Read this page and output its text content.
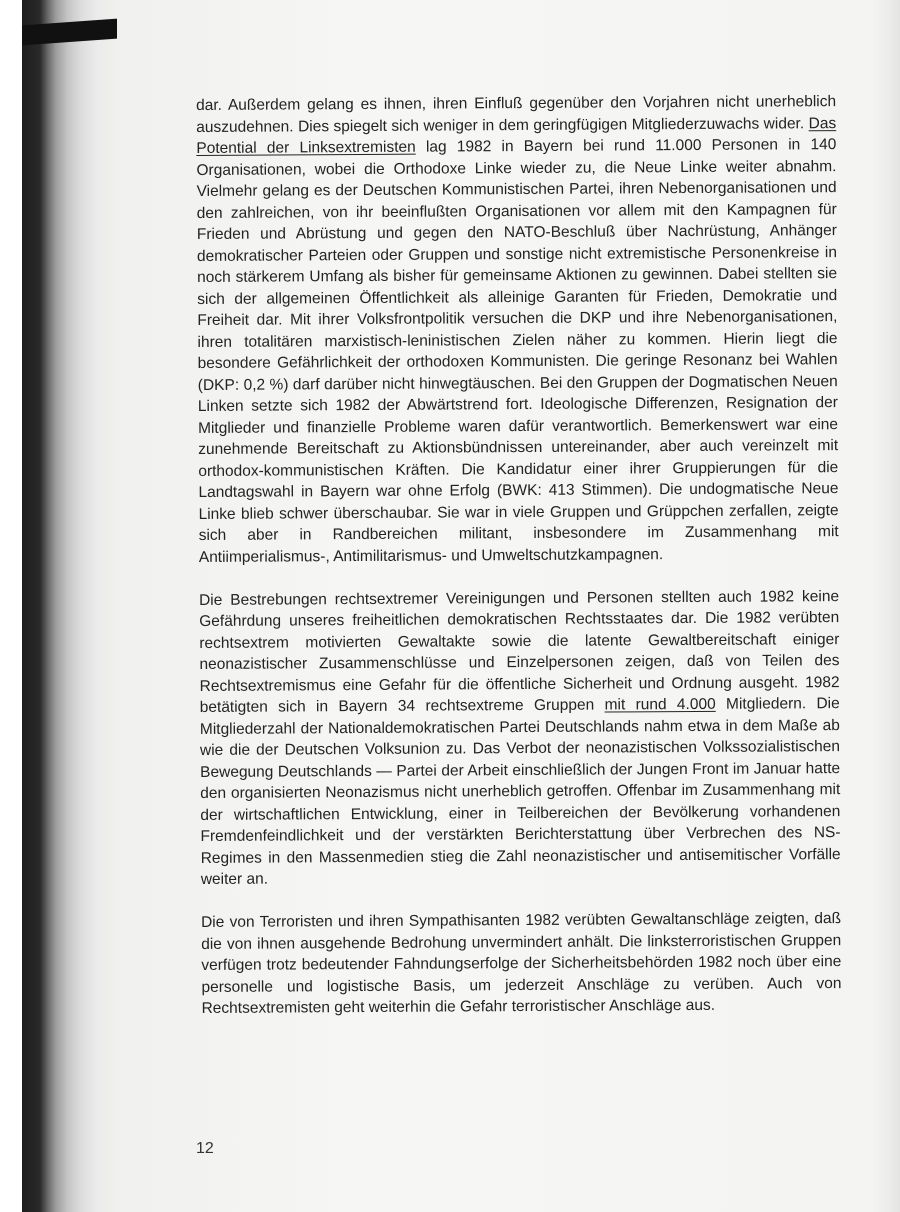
dar. Außerdem gelang es ihnen, ihren Einfluß gegenüber den Vorjahren nicht unerheblich auszudehnen. Dies spiegelt sich weniger in dem geringfügigen Mitgliederzuwachs wider. Das Potential der Linksextremisten lag 1982 in Bayern bei rund 11.000 Personen in 140 Organisationen, wobei die Orthodoxe Linke wieder zu, die Neue Linke weiter abnahm. Vielmehr gelang es der Deutschen Kommunistischen Partei, ihren Nebenorganisationen und den zahlreichen, von ihr beeinflußten Organisationen vor allem mit den Kampagnen für Frieden und Abrüstung und gegen den NATO-Beschluß über Nachrüstung, Anhänger demokratischer Parteien oder Gruppen und sonstige nicht extremistische Personenkreise in noch stärkerem Umfang als bisher für gemeinsame Aktionen zu gewinnen. Dabei stellten sie sich der allgemeinen Öffentlichkeit als alleinige Garanten für Frieden, Demokratie und Freiheit dar. Mit ihrer Volksfrontpolitik versuchen die DKP und ihre Nebenorganisationen, ihren totalitären marxistisch-leninistischen Zielen näher zu kommen. Hierin liegt die besondere Gefährlichkeit der orthodoxen Kommunisten. Die geringe Resonanz bei Wahlen (DKP: 0,2 %) darf darüber nicht hinwegtäuschen. Bei den Gruppen der Dogmatischen Neuen Linken setzte sich 1982 der Abwärtstrend fort. Ideologische Differenzen, Resignation der Mitglieder und finanzielle Probleme waren dafür verantwortlich. Bemerkenswert war eine zunehmende Bereitschaft zu Aktionsbündnissen untereinander, aber auch vereinzelt mit orthodox-kommunistischen Kräften. Die Kandidatur einer ihrer Gruppierungen für die Landtagswahl in Bayern war ohne Erfolg (BWK: 413 Stimmen). Die undogmatische Neue Linke blieb schwer überschaubar. Sie war in viele Gruppen und Grüppchen zerfallen, zeigte sich aber in Randbereichen militant, insbesondere im Zusammenhang mit Antiimperialismus-, Antimilitarismus- und Umweltschutzkampagnen.

Die Bestrebungen rechtsextremer Vereinigungen und Personen stellten auch 1982 keine Gefährdung unseres freiheitlichen demokratischen Rechtsstaates dar. Die 1982 verübten rechtsextrem motivierten Gewaltakte sowie die latente Gewaltbereitschaft einiger neonazistischer Zusammenschlüsse und Einzelpersonen zeigen, daß von Teilen des Rechtsextremismus eine Gefahr für die öffentliche Sicherheit und Ordnung ausgeht. 1982 betätigten sich in Bayern 34 rechtsextreme Gruppen mit rund 4.000 Mitgliedern. Die Mitgliederzahl der Nationaldemokratischen Partei Deutschlands nahm etwa in dem Maße ab wie die der Deutschen Volksunion zu. Das Verbot der neonazistischen Volkssozialistischen Bewegung Deutschlands — Partei der Arbeit einschließlich der Jungen Front im Januar hatte den organisierten Neonazismus nicht unerheblich getroffen. Offenbar im Zusammenhang mit der wirtschaftlichen Entwicklung, einer in Teilbereichen der Bevölkerung vorhandenen Fremdenfeindlichkeit und der verstärkten Berichterstattung über Verbrechen des NS-Regimes in den Massenmedien stieg die Zahl neonazistischer und antisemitischer Vorfälle weiter an.

Die von Terroristen und ihren Sympathisanten 1982 verübten Gewaltanschläge zeigten, daß die von ihnen ausgehende Bedrohung unvermindert anhält. Die linksterroristischen Gruppen verfügen trotz bedeutender Fahndungserfolge der Sicherheitsbehörden 1982 noch über eine personelle und logistische Basis, um jederzeit Anschläge zu verüben. Auch von Rechtsextremisten geht weiterhin die Gefahr terroristischer Anschläge aus.

12
